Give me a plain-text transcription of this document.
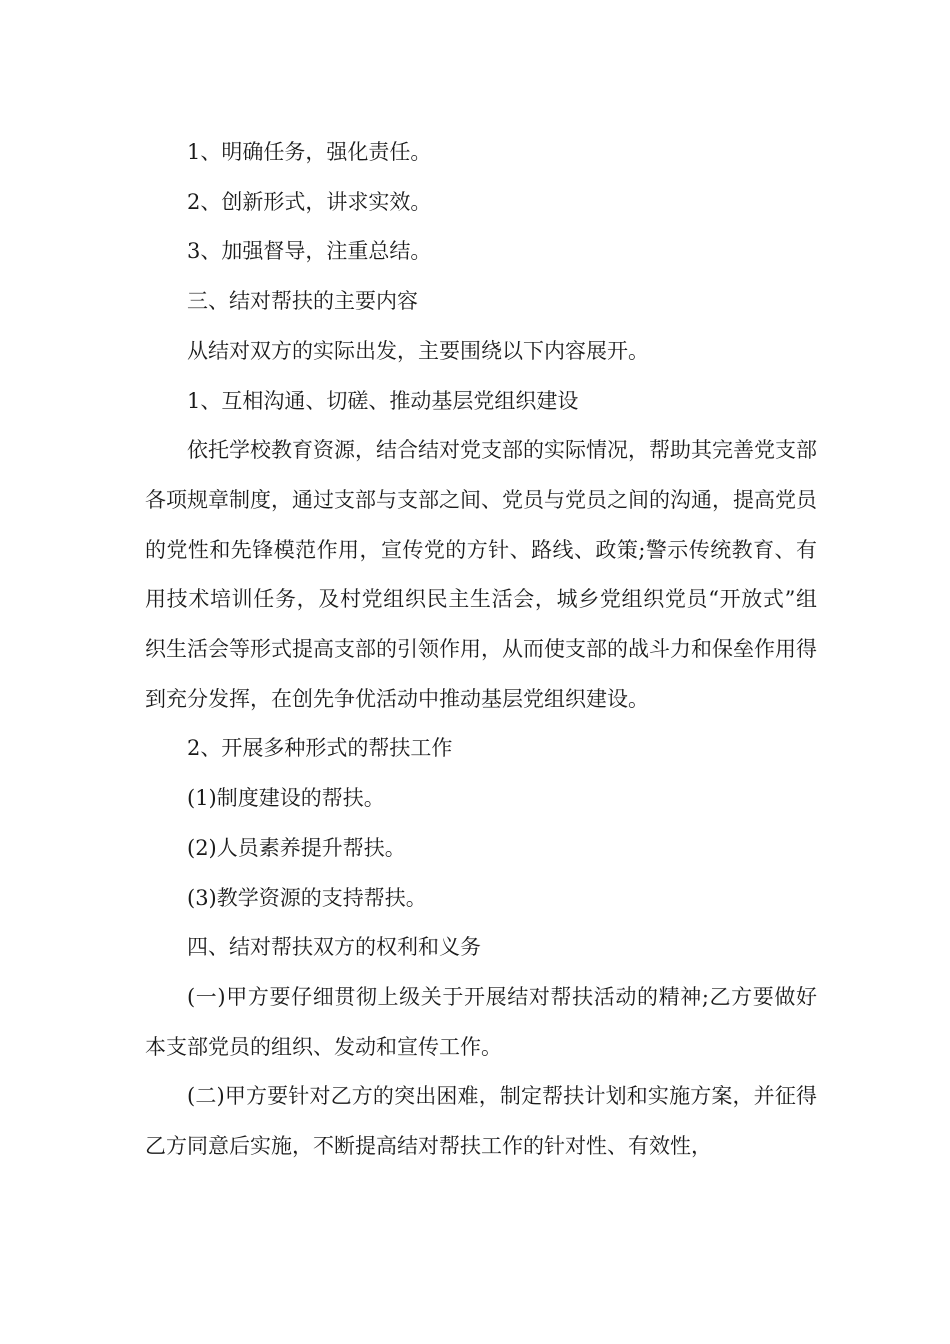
1、明确任务，强化责任。

2、创新形式，讲求实效。

3、加强督导，注重总结。

三、结对帮扶的主要内容

从结对双方的实际出发，主要围绕以下内容展开。

1、互相沟通、切磋、推动基层党组织建设

依托学校教育资源，结合结对党支部的实际情况，帮助其完善党支部各项规章制度，通过支部与支部之间、党员与党员之间的沟通，提高党员的党性和先锋模范作用，宣传党的方针、路线、政策;警示传统教育、有用技术培训任务，及村党组织民主生活会，城乡党组织党员“开放式”组织生活会等形式提高支部的引领作用，从而使支部的战斗力和保垒作用得到充分发挥，在创先争优活动中推动基层党组织建设。

2、开展多种形式的帮扶工作

(1)制度建设的帮扶。

(2)人员素养提升帮扶。

(3)教学资源的支持帮扶。

四、结对帮扶双方的权利和义务

(一)甲方要仔细贯彻上级关于开展结对帮扶活动的精神;乙方要做好本支部党员的组织、发动和宣传工作。

(二)甲方要针对乙方的突出困难，制定帮扶计划和实施方案，并征得乙方同意后实施，不断提高结对帮扶工作的针对性、有效性，
